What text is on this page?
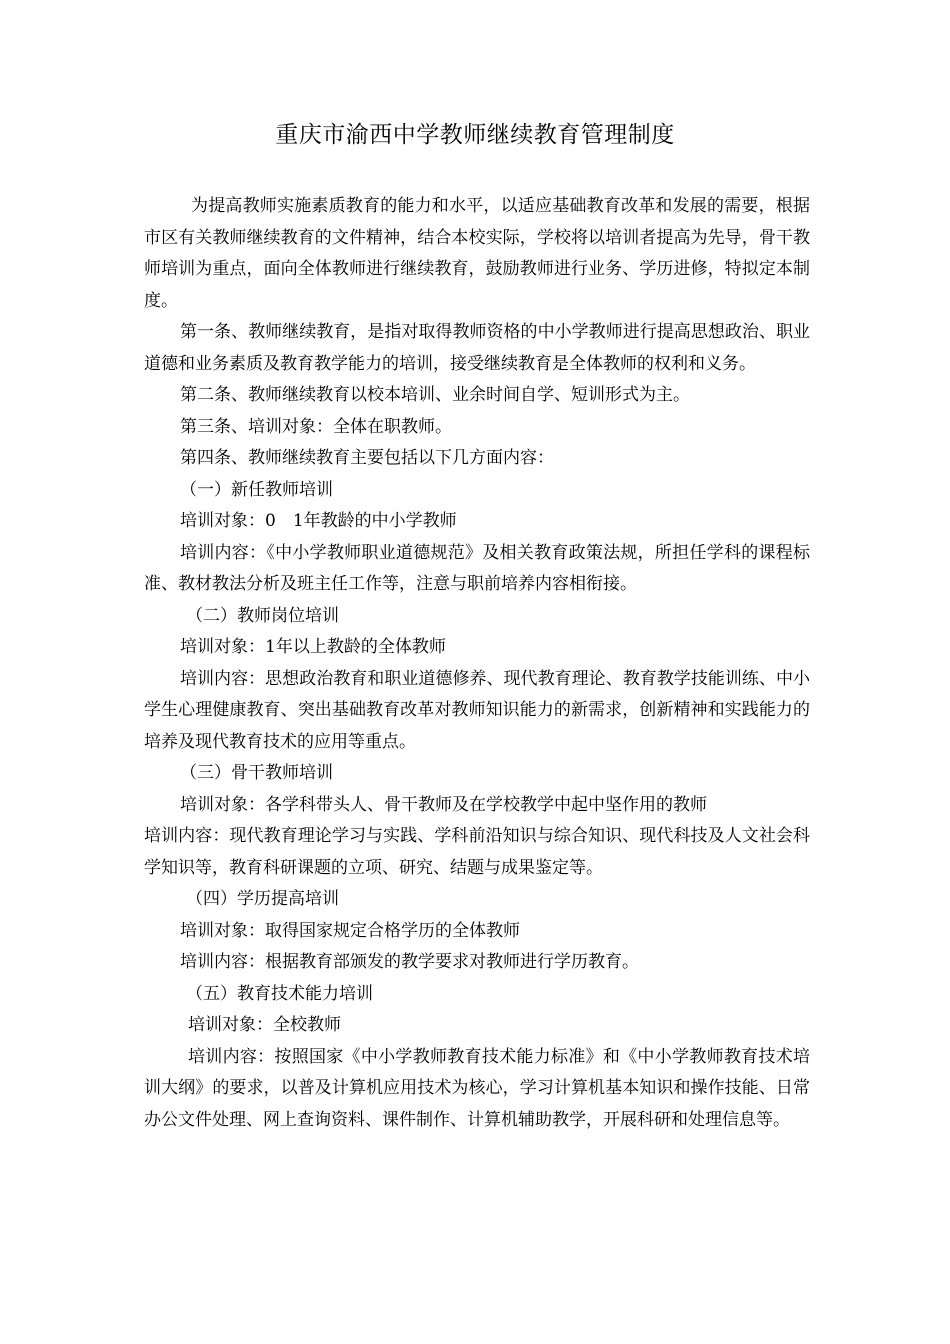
重庆市渝西中学教师继续教育管理制度

为提高教师实施素质教育的能力和水平，以适应基础教育改革和发展的需要，根据市区有关教师继续教育的文件精神，结合本校实际，学校将以培训者提高为先导，骨干教师培训为重点，面向全体教师进行继续教育，鼓励教师进行业务、学历进修，特拟定本制度。

第一条、教师继续教育，是指对取得教师资格的中小学教师进行提高思想政治、职业道德和业务素质及教育教学能力的培训，接受继续教育是全体教师的权利和义务。

第二条、教师继续教育以校本培训、业余时间自学、短训形式为主。

第三条、培训对象：全体在职教师。

第四条、教师继续教育主要包括以下几方面内容：

（一）新任教师培训

培训对象：0　1年教龄的中小学教师

培训内容：《中小学教师职业道德规范》及相关教育政策法规，所担任学科的课程标准、教材教法分析及班主任工作等，注意与职前培养内容相衔接。

（二）教师岗位培训

培训对象：1年以上教龄的全体教师

培训内容：思想政治教育和职业道德修养、现代教育理论、教育教学技能训练、中小学生心理健康教育、突出基础教育改革对教师知识能力的新需求，创新精神和实践能力的培养及现代教育技术的应用等重点。

（三）骨干教师培训

培训对象：各学科带头人、骨干教师及在学校教学中起中坚作用的教师

培训内容：现代教育理论学习与实践、学科前沿知识与综合知识、现代科技及人文社会科学知识等，教育科研课题的立项、研究、结题与成果鉴定等。

（四）学历提高培训

培训对象：取得国家规定合格学历的全体教师

培训内容：根据教育部颁发的教学要求对教师进行学历教育。

（五）教育技术能力培训

培训对象：全校教师

培训内容：按照国家《中小学教师教育技术能力标准》和《中小学教师教育技术培训大纲》的要求，以普及计算机应用技术为核心，学习计算机基本知识和操作技能、日常办公文件处理、网上查询资料、课件制作、计算机辅助教学，开展科研和处理信息等。
